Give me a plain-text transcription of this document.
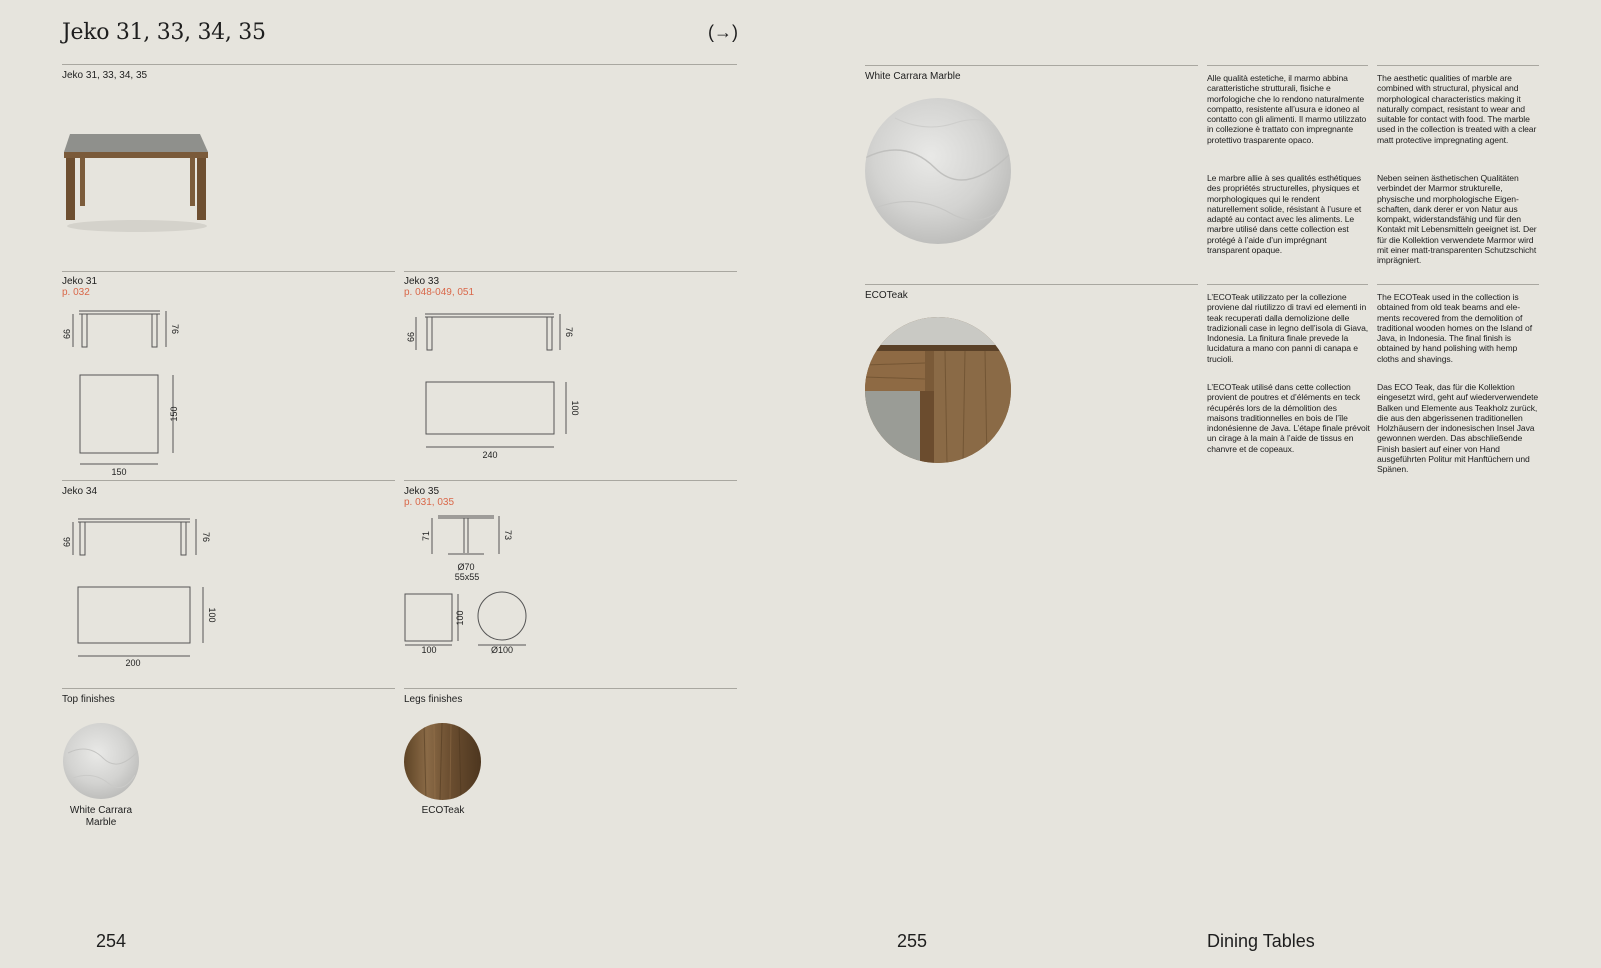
Jeko 31, 33, 34, 35	(→)
Jeko 31, 33, 34, 35
Jeko 31
p. 032
66	76
150
150
Jeko 33
p. 048-049, 051
66	76
100
240
Jeko 34
66	76
100
200
Jeko 35
p. 031, 035
71	73
Ø70
55x55
100
100	Ø100
Top finishes	Legs finishes
White Carrara Marble
ECOTeak
254
White Carrara Marble	Alle qualità estetiche, il marmo abbina caratteristiche strutturali, fisiche e morfologiche che lo rendono naturalmente compatto, resistente all’usura e idoneo al contatto con gli alimenti. Il marmo utilizzato in collezione è trattato con impregnante protettivo trasparente opaco.
The aesthetic qualities of marble are combined with structural, physical and morphological characteristics making it naturally compact, resistant to wear and suitable for contact with food. The marble used in the collection is treated with a clear matt protective impregnating agent.
Le marbre allie à ses qualités esthétiques des propriétés structurelles, physiques et morphologiques qui le rendent naturellement solide, résistant à l’usure et adapté au contact avec les aliments. Le marbre utilisé dans cette collection est protégé à l’aide d’un imprégnant transparent opaque.
Neben seinen ästhetischen Qualitäten verbindet der Marmor strukturelle, physische und morphologische Eigenschaften, dank derer er von Natur aus kompakt, widerstandsfähig und für den Kontakt mit Lebensmitteln geeignet ist. Der für die Kollektion verwendete Marmor wird mit einer matt-transparenten Schutzschicht imprägniert.
ECOTeak	L’ECOTeak utilizzato per la collezione proviene dal riutilizzo di travi ed elementi in teak recuperati dalla demolizione delle tradizionali case in legno dell’isola di Giava, Indonesia. La finitura finale prevede la lucidatura a mano con panni di canapa e trucioli.
The ECOTeak used in the collection is obtained from old teak beams and elements recovered from the demolition of traditional wooden homes on the Island of Java, in Indonesia. The final finish is obtained by hand polishing with hemp cloths and shavings.
L’ECOTeak utilisé dans cette collection provient de poutres et d’éléments en teck récupérés lors de la démolition des maisons traditionnelles en bois de l’île indonésienne de Java. L’étape finale prévoit un cirage à la main à l’aide de tissus en chanvre et de copeaux.
Das ECO Teak, das für die Kollektion eingesetzt wird, geht auf wiederverwendete Balken und Elemente aus Teakholz zurück, die aus den abgerissenen traditionellen Holzhäusern der indonesischen Insel Java gewonnen werden. Das abschließende Finish basiert auf einer von Hand ausgeführten Politur mit Hanftüchern und Spänen.
255	Dining Tables
